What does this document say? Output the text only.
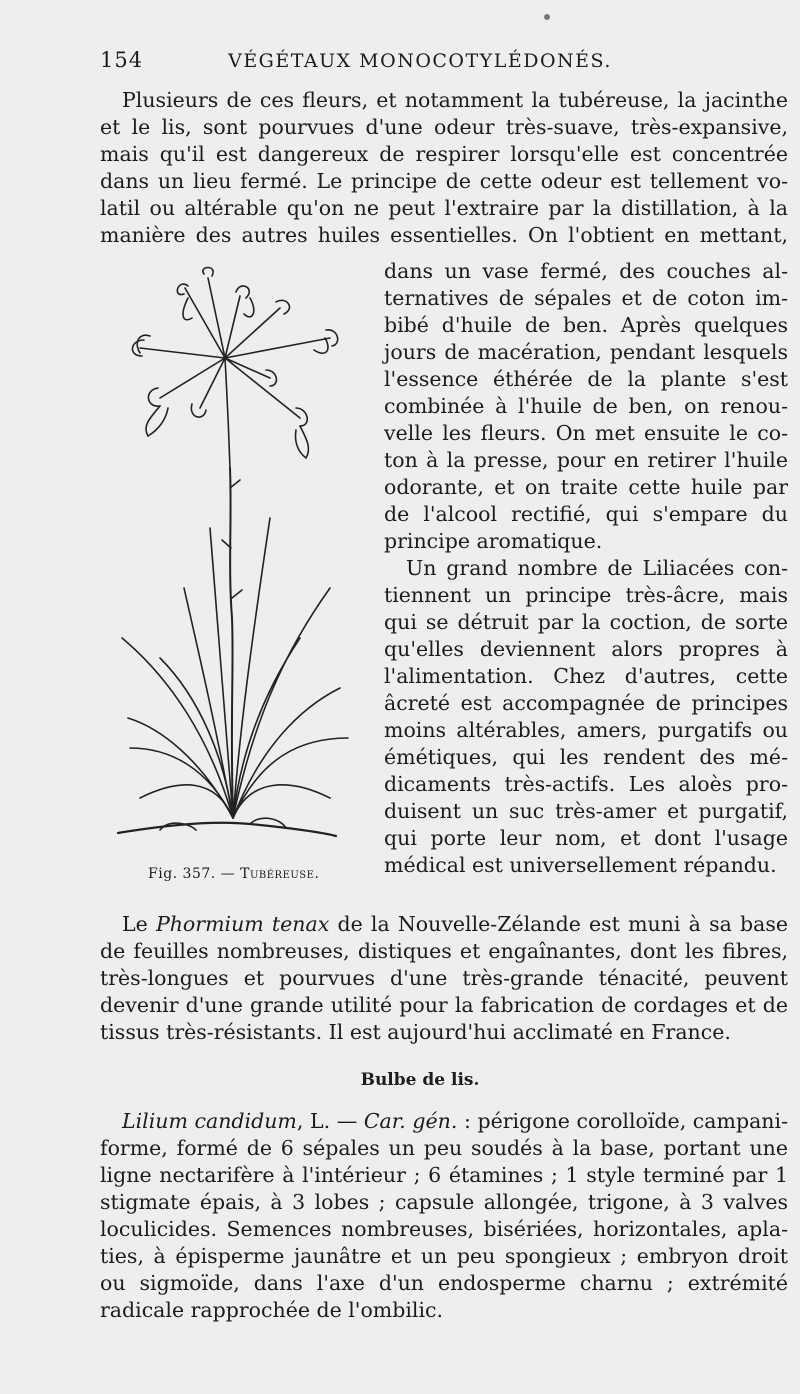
154	VÉGÉTAUX MONOCOTYLÉDONÉS.
Plusieurs de ces fleurs, et notamment la tubéreuse, la jacinthe
et le lis, sont pourvues d'une odeur très-suave, très-expansive,
mais qu'il est dangereux de respirer lorsqu'elle est concentrée
dans un lieu fermé. Le principe de cette odeur est tellement vo-
latil ou altérable qu'on ne peut l'extraire par la distillation, à la
manière des autres huiles essentielles. On l'obtient en mettant,
Fig. 357. — Tubéreuse.

dans un vase fermé, des couches alternatives de sépales et de coton imbibé d'huile de ben. Après quelques jours de macération, pendant lesquels l'essence éthérée de la plante s'est combinée à l'huile de ben, on renouvelle les fleurs. On met ensuite le coton à la presse, pour en retirer l'huile odorante, et on traite cette huile par de l'alcool rectifié, qui s'empare du principe aromatique.

Un grand nombre de Liliacées contiennent un principe très-âcre, mais qui se détruit par la coction, de sorte qu'elles deviennent alors propres à l'alimentation. Chez d'autres, cette âcreté est accompagnée de principes moins altérables, amers, purgatifs ou émétiques, qui les rendent des médicaments très-actifs. Les aloès produisent un suc très-amer et purgatif, qui porte leur nom, et dont l'usage médical est universellement répandu.

Le Phormium tenax de la Nouvelle-Zélande est muni à sa base de feuilles nombreuses, distiques et engaînantes, dont les fibres, très-longues et pourvues d'une très-grande ténacité, peuvent devenir d'une grande utilité pour la fabrication de cordages et de tissus très-résistants. Il est aujourd'hui acclimaté en France.

Bulbe de lis.

Lilium candidum, L. — Car. gén. : périgone corolloïde, campaniforme, formé de 6 sépales un peu soudés à la base, portant une ligne nectarifère à l'intérieur ; 6 étamines ; 1 style terminé par 1 stigmate épais, à 3 lobes ; capsule allongée, trigone, à 3 valves loculicides. Semences nombreuses, bisériées, horizontales, aplaties, à épisperme jaunâtre et un peu spongieux ; embryon droit ou sigmoïde, dans l'axe d'un endosperme charnu ; extrémité radicale rapprochée de l'ombilic.
